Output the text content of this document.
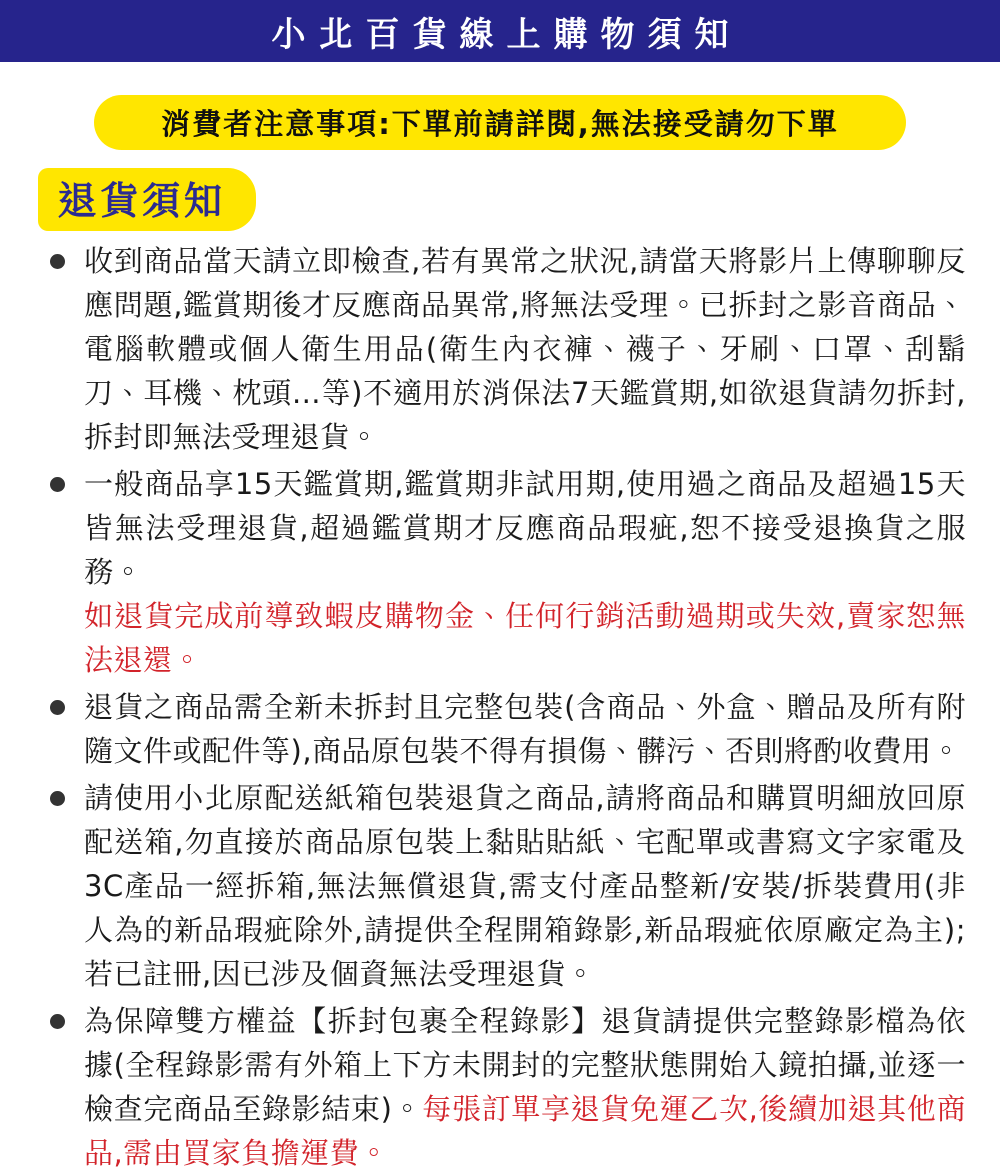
小北百貨線上購物須知
消費者注意事項:下單前請詳閱,無法接受請勿下單
退貨須知
收到商品當天請立即檢查,若有異常之狀況,請當天將影片上傳聊聊反應問題,鑑賞期後才反應商品異常,將無法受理。已拆封之影音商品、電腦軟體或個人衛生用品(衛生內衣褲、襪子、牙刷、口罩、刮鬍刀、耳機、枕頭…等)不適用於消保法7天鑑賞期,如欲退貨請勿拆封,拆封即無法受理退貨。
一般商品享15天鑑賞期,鑑賞期非試用期,使用過之商品及超過15天皆無法受理退貨,超過鑑賞期才反應商品瑕疵,恕不接受退換貨之服務。
如退貨完成前導致蝦皮購物金、任何行銷活動過期或失效,賣家恕無法退還。
退貨之商品需全新未拆封且完整包裝(含商品、外盒、贈品及所有附隨文件或配件等),商品原包裝不得有損傷、髒污、否則將酌收費用。
請使用小北原配送紙箱包裝退貨之商品,請將商品和購買明細放回原配送箱,勿直接於商品原包裝上黏貼貼紙、宅配單或書寫文字家電及3C產品一經拆箱,無法無償退貨,需支付產品整新/安裝/拆裝費用(非人為的新品瑕疵除外,請提供全程開箱錄影,新品瑕疵依原廠定為主);若已註冊,因已涉及個資無法受理退貨。
為保障雙方權益【拆封包裹全程錄影】退貨請提供完整錄影檔為依據(全程錄影需有外箱上下方未開封的完整狀態開始入鏡拍攝,並逐一檢查完商品至錄影結束)。每張訂單享退貨免運乙次,後續加退其他商品,需由買家負擔運費。
